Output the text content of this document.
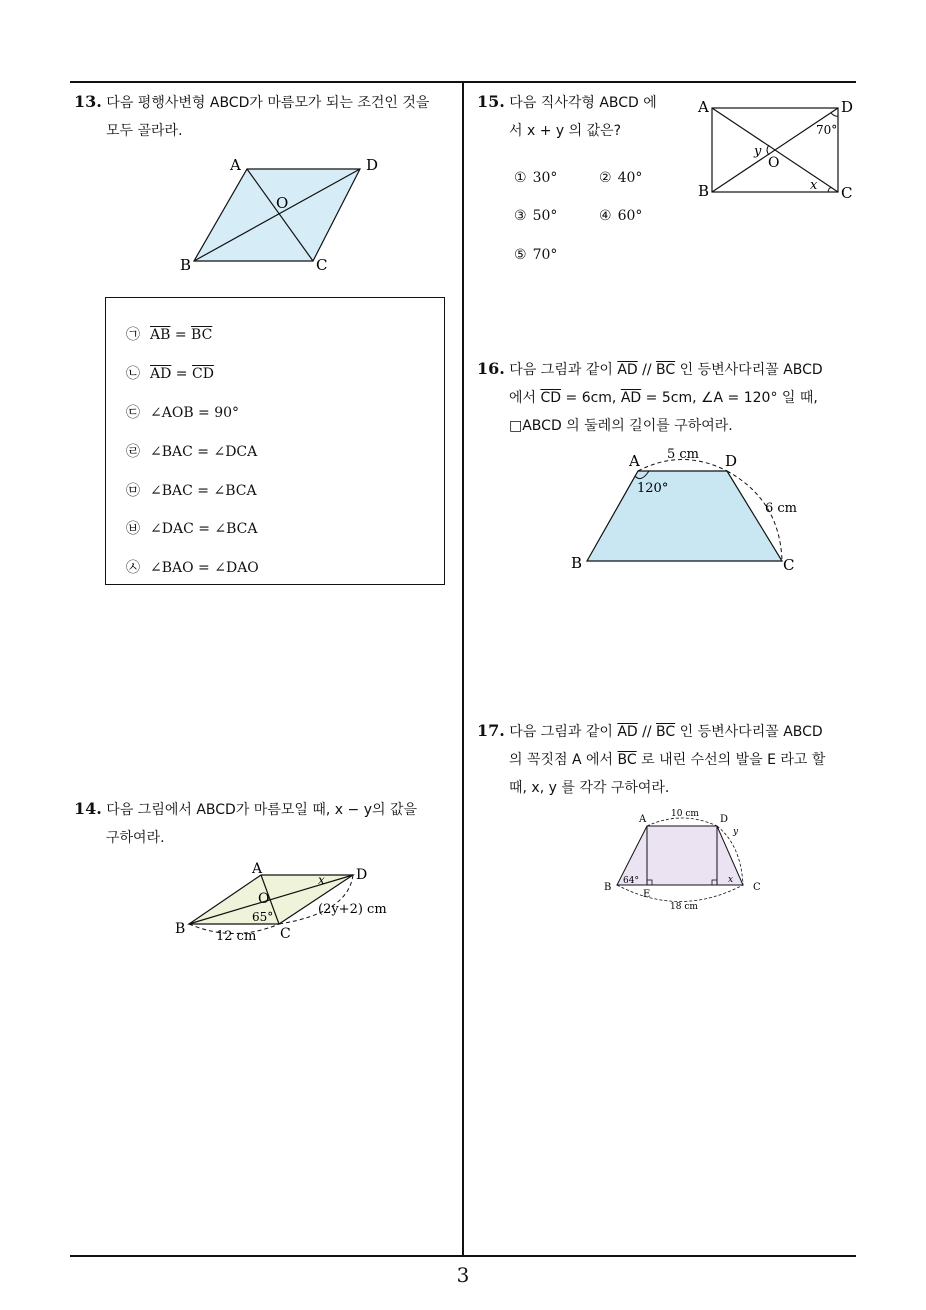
13. 다음 평행사변형 ABCD가 마름모가 되는 조건인 것을
모두 골라라.
A	D
O
B	C
㉠ $\overline{AB} = \overline{BC}$
㉡ $\overline{AD} = \overline{CD}$
㉢ ∠AOB = 90°
㉣ ∠BAC = ∠DCA
㉤ ∠BAC = ∠BCA
㉥ ∠DAC = ∠BCA
㉦ ∠BAO = ∠DAO
14. 다음 그림에서 ABCD가 마름모일 때, x − y의 값을
구하여라.
A	D
O
B	C
x
65°
12 cm
(2y+2) cm
15. 다음 직사각형 ABCD 에
서 x + y 의 값은?
① 30°	② 40°
③ 50°	④ 60°
⑤ 70°
A	D
B	C
O
y
x
70°
16. 다음 그림과 같이 $\overline{AD} // \overline{BC}$ 인 등변사다리꼴 ABCD
에서 $\overline{CD} = 6cm$, $\overline{AD} = 5cm$, ∠A = 120° 일 때,
□ABCD 의 둘레의 길이를 구하여라.
A	D
B	C
5 cm
6 cm
120°
17. 다음 그림과 같이 $\overline{AD} // \overline{BC}$ 인 등변사다리꼴 ABCD
의 꼭짓점 A 에서 $\overline{BC}$ 로 내린 수선의 발을 E 라고 할
때, x, y 를 각각 구하여라.
A	D
B	C
E
x
y
10 cm
18 cm
64°
3
